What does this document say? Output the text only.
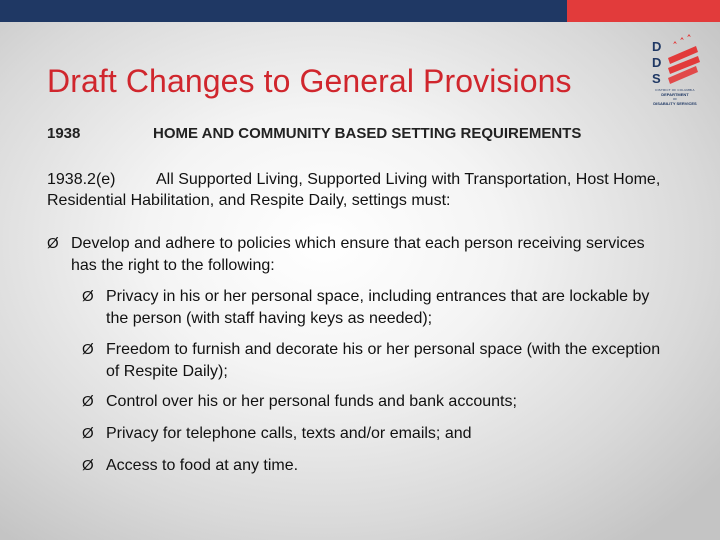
Draft Changes to General Provisions
D
D
S
DISTRICT OF COLUMBIA
DEPARTMENT
OF
DISABILITY SERVICES
1938	HOME AND COMMUNITY BASED SETTING REQUIREMENTS
1938.2(e)	All Supported Living, Supported Living with Transportation, Host Home, Residential Habilitation, and Respite Daily, settings must:
Ø Develop and adhere to policies which ensure that each person receiving services has the right to the following:
Ø Privacy in his or her personal space, including entrances that are lockable by the person (with staff having keys as needed);
Ø Freedom to furnish and decorate his or her personal space (with the exception of Respite Daily);
Ø Control over his or her personal funds and bank accounts;
Ø Privacy for telephone calls, texts and/or emails; and
Ø Access to food at any time.
